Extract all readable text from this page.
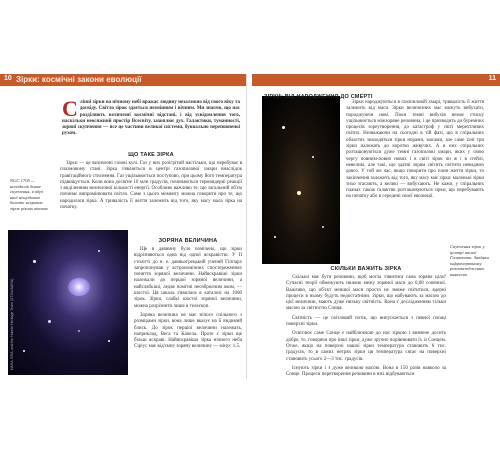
10 Зірки: космічні закони еволюції
С ліпні зірки на нічному небі вражає людину незалежно від свого віку та досвіду. Світло зірок здається незмінним і вічним. Ми знаємо, що нас розділяють величезні космічні відстані, і від усвідомлення того, наскільки неосяжний простір Всесвіту, захоплює дух. Галактики, туманності, зоряні скупчення — все це частини великої системи, буквально переповненої рухом.
ЩО ТАКЕ ЗІРКА

Зірки — це величезні газові кулі. Газ у них розігрітий настільки, що перебуває в плазмовому стані. Зірка з'являється в центрі газопилової хмари внаслідок гравітаційного стиснення. Газ ущільнюється поступово, при цьому його температура підвищується. Коли вона досягне 10 млн градусів, починаються термоядерні реакції з виділенням величезної кількості енергії. Особливо важливо те, що загальний об'єм починає випромінювати світло. Саме з цього моменту можна говорити про те, що народилася зірка. А тривалість її життя залежить від того, яку масу мала зірка на початку.

NGC 1705 — неподалік дивне скупчення, в ядрі якої нещодавно багато яскравих зірок різних вікових
NASA, ESA, and the Hubble Heritage Team (STScI/AURA)
ЗОРЯНА ВЕЛИЧИНА

Ще в давнину було помічено, що зірки відрізняються одна від одної яскравістю. У II столітті до н. е. давньогрецький учений Гіппарх запропонував у астрономічних спостереженнях поняття зоряної величини. Найяскравіші зірки належали до першої зоряної величини, а найслабкіші, ледве помітні неозброєним оком, — шостої. Ця шкала з'явилася в каталозі на 1000 зірок. Зірки, слабкі шостої зоряної величини, можна розрізнити лише в телескоп.

Зоряна величина не має нічого спільного з розмірами зірки, вона лише вказує на її видимий блиск. До зірок першої величини належать, наприклад, Вега та Капела. Проте є зірки ще більш яскраві. Найяскравіша зірка нічного неба Сіріус має від'ємну зоряну величину — мінус 1,5.

11
ЗІРКИ: ВІД НАРОДЖЕННЯ ДО СМЕРТІ

Зірки народжуються в газопиловій хмарі, тривалість її життя залежить від маси. Зірки величезних мас можуть вибухати, породжуючи нові. Поки темні вибухів немає стиску ущільнюється міжзоряне речовина, і це призводить до буремних процесів зореутворення, до катастроф у світі мерехтливих світил. Незважаючи на сьогодні в тій фазі, що в спіральних областях знаходяться зірки норами, масами, але саме їхні три зірки належать до коротко живучих. А в них спіральних розташовуються дуже темні газопилові хмари, яких у свою чергу повним-повно нових і в світі зірок чи ж і в сгейлі, невеликі, але такі, що здатні зорям світить світити невидимо довго. У той же час, якщо говорити про плин життя зірки, то закінчення залежить від того, яку масу має зірка: маленькі зірки тихо згасають, а великі — вибухають. Не кажи, у спіральних планах також галактик розташовуються зірки, що перебувають на початку або в середині своєї еволюції.

Скупчення зірок у центрі нашої Галактики. Завдяки інфрачервоному розповсюдженню виявлено
СКІЛЬКИ ВАЖИТЬ ЗІРКА

Скільки має бути речовини, щоб могла з'явитися сама зоряна ціла? Сучасні теорії обмежують нижню межу зоряної маси до 0,08 сонячної. Важливо, що об'єкт меншої маси просто не зможе світитися, ядерні процеси в ньому будуть недостатніми. Зірки, що набувають за масою до цієї величини, мають дуже низьку світність. Вона є дослідженням тільки масою за світністю Сонця.

Світність — це світловий потік, що випускається з певної площі поверхні зірки.

Освітлює саме Сонце є найближчою до нас зіркою і вивчене досить добре, то, говорячи про інші зірки, дуже зручно порівнювати їх із Сонцем. Отже, якщо на поверхні нашої зірки температура становить 6 тис. градусів, то в самих нетрях зірки ця температура сягає на поверхні становить усього 2—3 тис. градусів.

Існують зірки і з дуже великою масою. Вона в 150 разів навколо за Сонце. Процеси перетворення речовини в них відбуваються
